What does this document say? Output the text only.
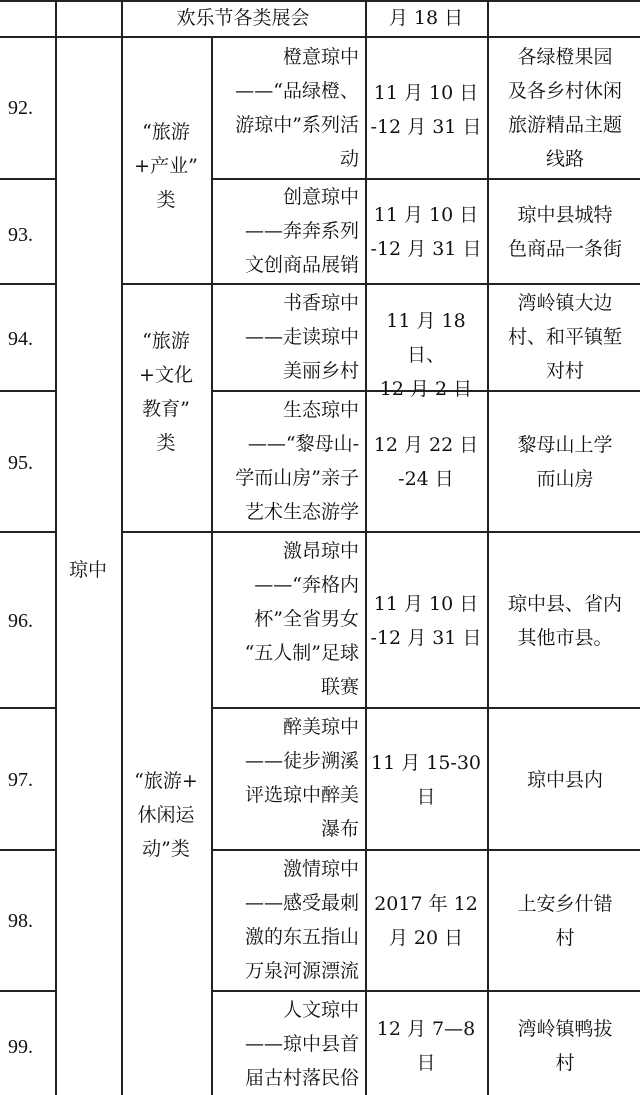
欢乐节各类展会	月 18 日
琼中
“旅游
+产业”
类
“旅游
+文化
教育”
类
“旅游+
休闲运
动”类
92.
橙意琼中
——“品绿橙、
游琼中”系列活
动
11 月 10 日
-12 月 31 日
各绿橙果园
及各乡村休闲
旅游精品主题
线路
93.
创意琼中
——奔奔系列
文创商品展销
11 月 10 日
-12 月 31 日
琼中县城特
色商品一条街
94.
书香琼中
——走读琼中
美丽乡村
11 月 18 日、
12 月 2 日
湾岭镇大边
村、和平镇堑
对村
95.
生态琼中
——“黎母山-
学而山房”亲子
艺术生态游学
12 月 22 日
-24 日
黎母山上学
而山房
96.
激昂琼中
——“奔格内
杯”全省男女
“五人制”足球
联赛
11 月 10 日
-12 月 31 日
琼中县、省内
其他市县。
97.
醉美琼中
——徒步溯溪
评选琼中醉美
瀑布
11 月 15-30
日
琼中县内
98.
激情琼中
——感受最刺
激的东五指山
万泉河源漂流
2017 年 12
月 20 日
上安乡什错
村
99.
人文琼中
——琼中县首
届古村落民俗
12 月 7—8
日
湾岭镇鸭拔
村
